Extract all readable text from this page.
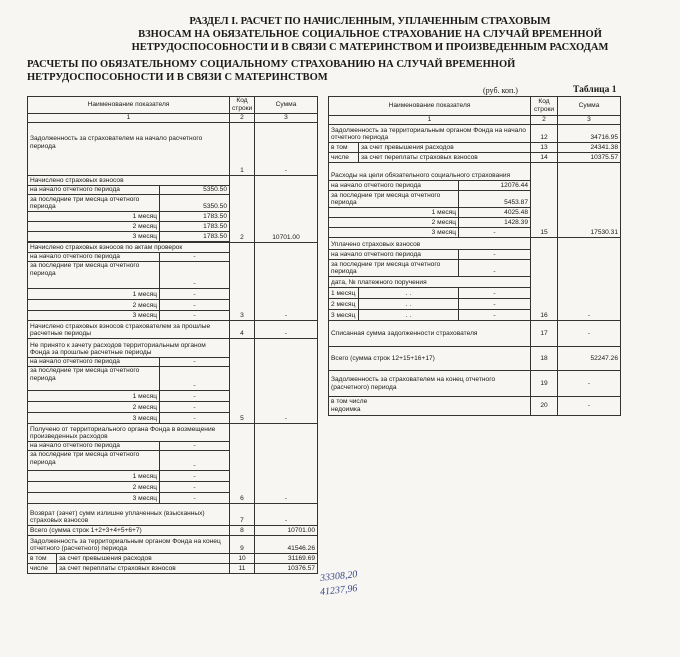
РАЗДЕЛ I. РАСЧЕТ ПО НАЧИСЛЕННЫМ, УПЛАЧЕННЫМ СТРАХОВЫМ
ВЗНОСАМ НА ОБЯЗАТЕЛЬНОЕ СОЦИАЛЬНОЕ СТРАХОВАНИЕ НА СЛУЧАЙ ВРЕМЕННОЙ
НЕТРУДОСПОСОБНОСТИ И В СВЯЗИ С МАТЕРИНСТВОМ И ПРОИЗВЕДЕННЫМ РАСХОДАМ
РАСЧЕТЫ ПО ОБЯЗАТЕЛЬНОМУ СОЦИАЛЬНОМУ СТРАХОВАНИЮ НА СЛУЧАЙ ВРЕМЕННОЙ
НЕТРУДОСПОСОБНОСТИ И В СВЯЗИ С МАТЕРИНСТВОМ
(руб. коп.)	Таблица 1
Наименование показателя			Код строки	Сумма
1			2	3
Задолженность за страхователем на начало расчетного периода			1	-
Начислено страховых взносов			2	10701.00
на начало отчетного периода		5350.50		
за последние три месяца отчетного периода		5350.50		
1 месяц		1783.50		
2 месяц		1783.50		
3 месяц		1783.50		

Начислено страховых взносов по актам проверок			3	-
на начало отчетного периода		-		
за последние три месяца отчетного периода		-		
1 месяц		-		
2 месяц		-		
3 месяц		-		
Начислено страховых взносов страхователем за прошлые расчетные периоды			4	-
Не принято к зачету расходов территориальным органом Фонда за прошлые расчетные периоды			5	-
на начало отчетного периода		-		
за последние три месяца отчетного периода		-		
1 месяц		-		
2 месяц		-		
3 месяц		-		
Получено от территориального органа Фонда в возмещение произведенных расходов			6	-
на начало отчетного периода		-		
за последние три месяца отчетного периода		-		
1 месяц		-		
2 месяц		-		
3 месяц		-		
Возврат (зачет) сумм излишне уплаченных (взысканных) страховых взносов			7	-
Всего (сумма строк 1+2+3+4+5+6+7)			8	10701.00
Задолженность за территориальным органом Фонда на конец отчетного (расчетного) периода			9	41546.26
в том	за счет превышения расходов		10	31169.69
числе	за счет переплаты страховых взносов		11	10376.57
Наименование показателя			Код строки	Сумма
1			2	3
Задолженность за территориальным органом Фонда на начало отчетного периода			12	34716.95
в том	за счет превышения расходов		13	24341.38
числе	за счет переплаты страховых взносов		14	10375.57
Расходы на цели обязательного социального страхования			15	17530.31
на начало отчетного периода		12076.44		
за последние три месяца отчетного периода		5453.87		
1 месяц		4025.48		
2 месяц		1428.39		
3 месяц		-		
Уплачено страховых взносов			16	-
на начало отчетного периода		-		
за последние три месяца отчетного периода		-		
дата, № платежного поручения				
1 месяц	. .	-		
2 месяц	. .	-		
3 месяц	. .	-		
Списанная сумма задолженности страхователя			17	-
Всего (сумма строк 12+15+16+17)			18	52247.26
Задолженность за страхователем на конец отчетного (расчетного) периода			19	-

в том числе
недоимка			20	-
33308,20
41237,96
